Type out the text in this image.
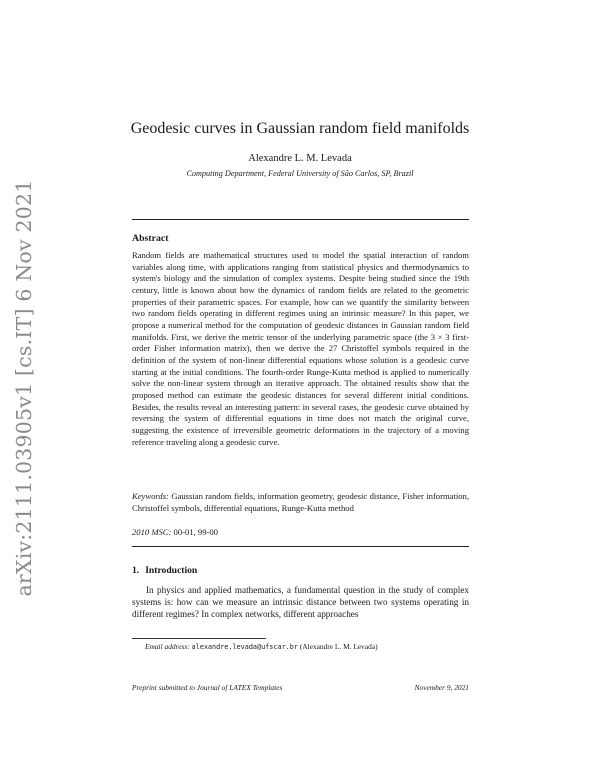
arXiv:2111.03905v1 [cs.IT] 6 Nov 2021
Geodesic curves in Gaussian random field manifolds
Alexandre L. M. Levada
Computing Department, Federal University of São Carlos, SP, Brazil
Abstract
Random fields are mathematical structures used to model the spatial interaction of random variables along time, with applications ranging from statistical physics and thermodynamics to system's biology and the simulation of complex systems. Despite being studied since the 19th century, little is known about how the dynamics of random fields are related to the geometric properties of their parametric spaces. For example, how can we quantify the similarity between two random fields operating in different regimes using an intrinsic measure? In this paper, we propose a numerical method for the computation of geodesic distances in Gaussian random field manifolds. First, we derive the metric tensor of the underlying parametric space (the 3 × 3 first-order Fisher information matrix), then we derive the 27 Christoffel symbols required in the definition of the system of non-linear differential equations whose solution is a geodesic curve starting at the initial conditions. The fourth-order Runge-Kutta method is applied to numerically solve the non-linear system through an iterative approach. The obtained results show that the proposed method can estimate the geodesic distances for several different initial conditions. Besides, the results reveal an interesting pattern: in several cases, the geodesic curve obtained by reversing the system of differential equations in time does not match the original curve, suggesting the existence of irreversible geometric deformations in the trajectory of a moving reference traveling along a geodesic curve.
Keywords: Gaussian random fields, information geometry, geodesic distance, Fisher information, Christoffel symbols, differential equations, Runge-Kutta method
2010 MSC: 00-01, 99-00
1. Introduction
In physics and applied mathematics, a fundamental question in the study of complex systems is: how can we measure an intrinsic distance between two systems operating in different regimes? In complex networks, different approaches
Email address: alexandre.levada@ufscar.br (Alexandre L. M. Levada)
Preprint submitted to Journal of LATEX Templates	November 9, 2021
